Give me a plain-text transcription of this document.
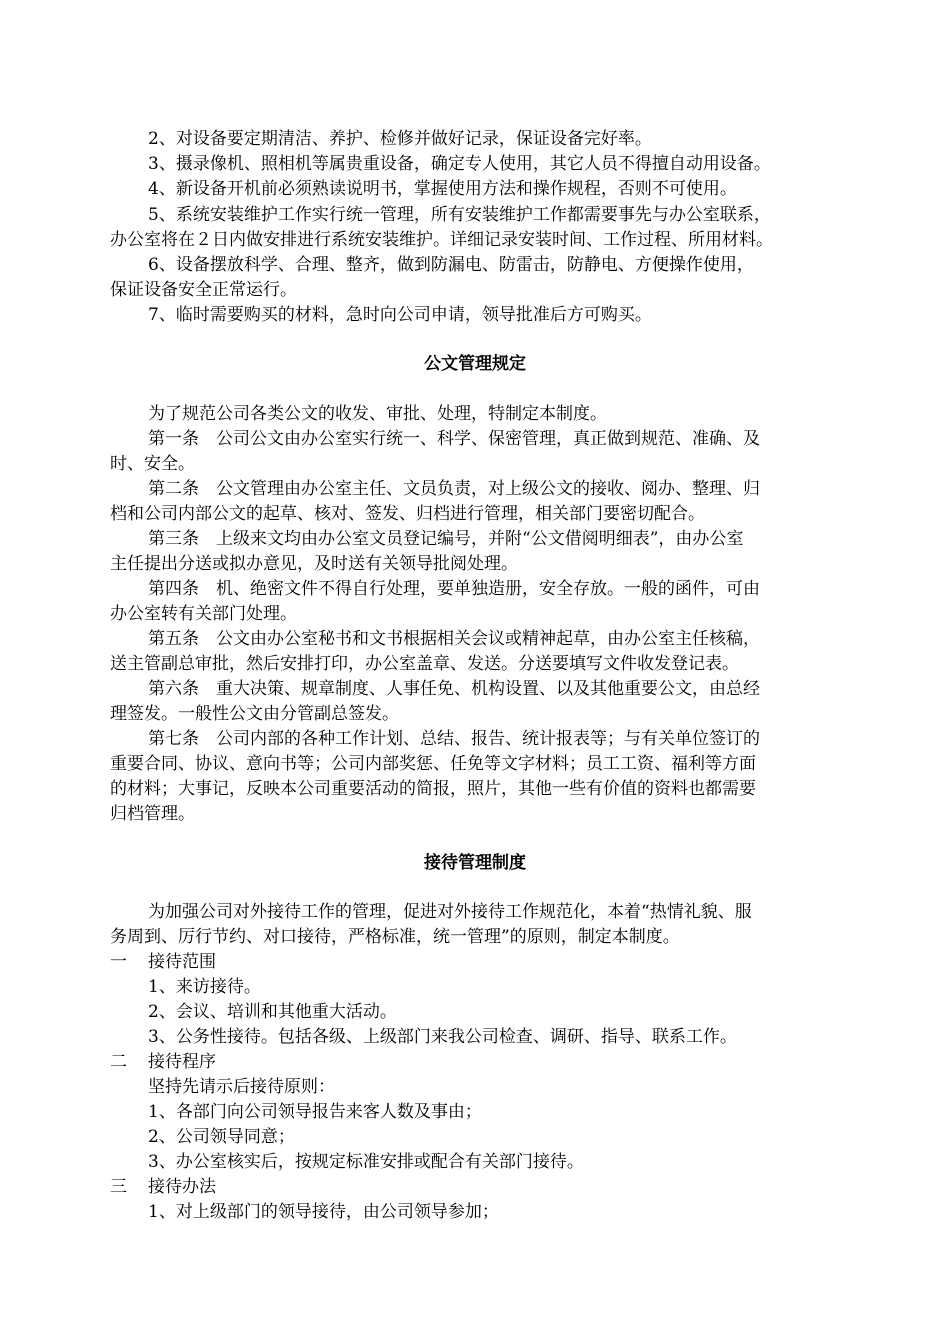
2、对设备要定期清洁、养护、检修并做好记录，保证设备完好率。
3、摄录像机、照相机等属贵重设备，确定专人使用，其它人员不得擅自动用设备。
4、新设备开机前必须熟读说明书，掌握使用方法和操作规程，否则不可使用。
5、系统安装维护工作实行统一管理，所有安装维护工作都需要事先与办公室联系，
办公室将在２日内做安排进行系统安装维护。详细记录安装时间、工作过程、所用材料。
6、设备摆放科学、合理、整齐，做到防漏电、防雷击，防静电、方便操作使用，
保证设备安全正常运行。
7、临时需要购买的材料，急时向公司申请，领导批准后方可购买。
公文管理规定
为了规范公司各类公文的收发、审批、处理，特制定本制度。
第一条　公司公文由办公室实行统一、科学、保密管理，真正做到规范、准确、及
时、安全。
第二条　公文管理由办公室主任、文员负责，对上级公文的接收、阅办、整理、归
档和公司内部公文的起草、核对、签发、归档进行管理，相关部门要密切配合。
第三条　上级来文均由办公室文员登记编号，并附“公文借阅明细表”，由办公室
主任提出分送或拟办意见，及时送有关领导批阅处理。
第四条　机、绝密文件不得自行处理，要单独造册，安全存放。一般的函件，可由
办公室转有关部门处理。
第五条　公文由办公室秘书和文书根据相关会议或精神起草，由办公室主任核稿，
送主管副总审批，然后安排打印，办公室盖章、发送。分送要填写文件收发登记表。
第六条　重大决策、规章制度、人事任免、机构设置、以及其他重要公文，由总经
理签发。一般性公文由分管副总签发。
第七条　公司内部的各种工作计划、总结、报告、统计报表等；与有关单位签订的
重要合同、协议、意向书等；公司内部奖惩、任免等文字材料；员工工资、福利等方面
的材料；大事记，反映本公司重要活动的简报，照片，其他一些有价值的资料也都需要
归档管理。
接待管理制度
为加强公司对外接待工作的管理，促进对外接待工作规范化，本着“热情礼貌、服
务周到、厉行节约、对口接待，严格标准，统一管理”的原则，制定本制度。
一 接待范围
1、来访接待。
2、会议、培训和其他重大活动。
3、公务性接待。包括各级、上级部门来我公司检查、调研、指导、联系工作。
二 接待程序
坚持先请示后接待原则：
1、各部门向公司领导报告来客人数及事由；
2、公司领导同意；
3、办公室核实后，按规定标准安排或配合有关部门接待。
三 接待办法
1、对上级部门的领导接待，由公司领导参加；
